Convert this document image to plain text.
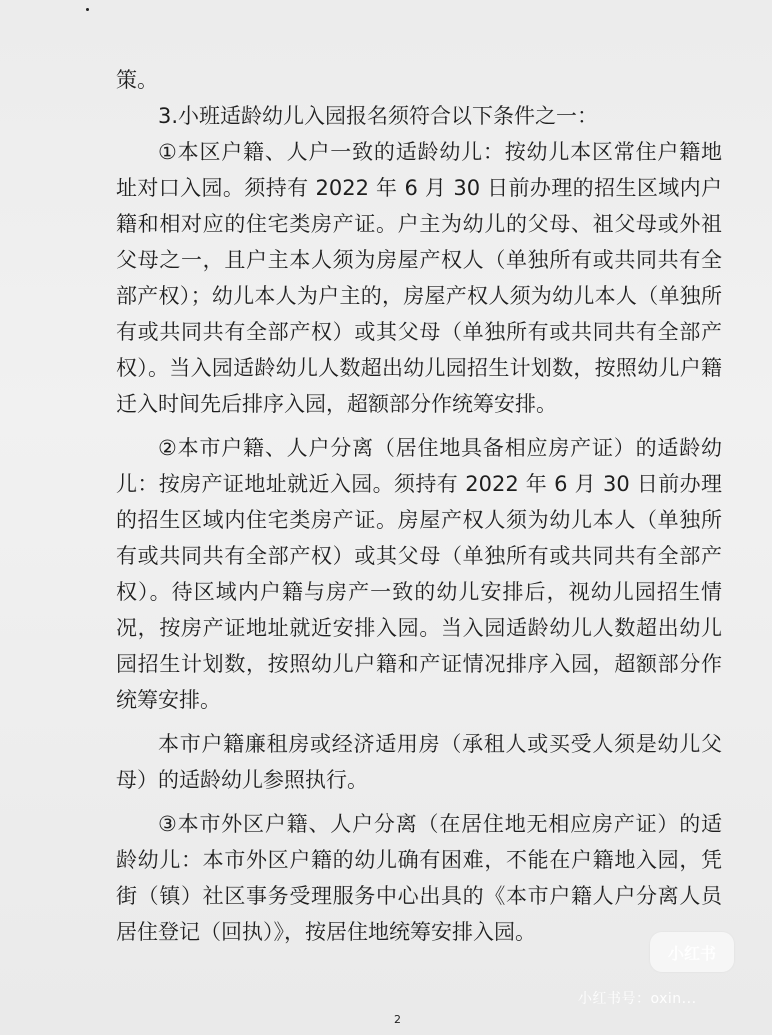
策。

3.小班适龄幼儿入园报名须符合以下条件之一：

①本区户籍、人户一致的适龄幼儿：按幼儿本区常住户籍地址对口入园。须持有 2022 年 6 月 30 日前办理的招生区域内户籍和相对应的住宅类房产证。户主为幼儿的父母、祖父母或外祖父母之一，且户主本人须为房屋产权人（单独所有或共同共有全部产权）；幼儿本人为户主的，房屋产权人须为幼儿本人（单独所有或共同共有全部产权）或其父母（单独所有或共同共有全部产权）。当入园适龄幼儿人数超出幼儿园招生计划数，按照幼儿户籍迁入时间先后排序入园，超额部分作统筹安排。

②本市户籍、人户分离（居住地具备相应房产证）的适龄幼儿：按房产证地址就近入园。须持有 2022 年 6 月 30 日前办理的招生区域内住宅类房产证。房屋产权人须为幼儿本人（单独所有或共同共有全部产权）或其父母（单独所有或共同共有全部产权）。待区域内户籍与房产一致的幼儿安排后，视幼儿园招生情况，按房产证地址就近安排入园。当入园适龄幼儿人数超出幼儿园招生计划数，按照幼儿户籍和产证情况排序入园，超额部分作统筹安排。

本市户籍廉租房或经济适用房（承租人或买受人须是幼儿父母）的适龄幼儿参照执行。

③本市外区户籍、人户分离（在居住地无相应房产证）的适龄幼儿：本市外区户籍的幼儿确有困难，不能在户籍地入园，凭街（镇）社区事务受理服务中心出具的《本市户籍人户分离人员居住登记（回执）》，按居住地统筹安排入园。

小红书
小红书号：oxin...
2
